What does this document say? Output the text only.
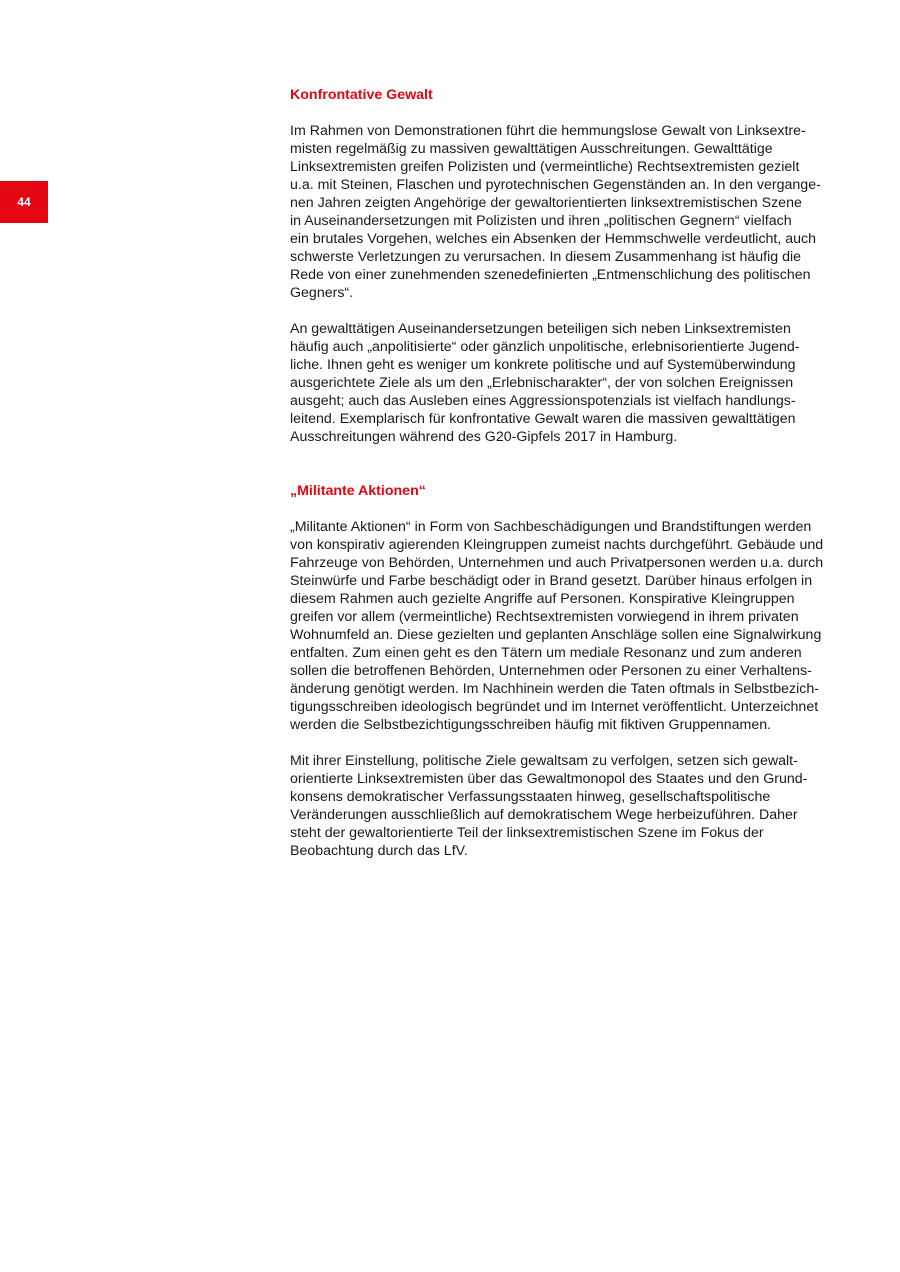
44
Konfrontative Gewalt

Im Rahmen von Demonstrationen führt die hemmungslose Gewalt von Linksextre-
misten regelmäßig zu massiven gewalttätigen Ausschreitungen. Gewalttätige
Linksextremisten greifen Polizisten und (vermeintliche) Rechtsextremisten gezielt
u.a. mit Steinen, Flaschen und pyrotechnischen Gegenständen an. In den vergange-
nen Jahren zeigten Angehörige der gewaltorientierten linksextremistischen Szene
in Auseinandersetzungen mit Polizisten und ihren „politischen Gegnern“ vielfach
ein brutales Vorgehen, welches ein Absenken der Hemmschwelle verdeutlicht, auch
schwerste Verletzungen zu verursachen. In diesem Zusammenhang ist häufig die
Rede von einer zunehmenden szenedefinierten „Entmenschlichung des politischen
Gegners“.

An gewalttätigen Auseinandersetzungen beteiligen sich neben Linksextremisten
häufig auch „anpolitisierte“ oder gänzlich unpolitische, erlebnisorientierte Jugend-
liche. Ihnen geht es weniger um konkrete politische und auf Systemüberwindung
ausgerichtete Ziele als um den „Erlebnischarakter“, der von solchen Ereignissen
ausgeht; auch das Ausleben eines Aggressionspotenzials ist vielfach handlungs-
leitend. Exemplarisch für konfrontative Gewalt waren die massiven gewalttätigen
Ausschreitungen während des G20-Gipfels 2017 in Hamburg.

„Militante Aktionen“

„Militante Aktionen“ in Form von Sachbeschädigungen und Brandstiftungen werden
von konspirativ agierenden Kleingruppen zumeist nachts durchgeführt. Gebäude und
Fahrzeuge von Behörden, Unternehmen und auch Privatpersonen werden u.a. durch
Steinwürfe und Farbe beschädigt oder in Brand gesetzt. Darüber hinaus erfolgen in
diesem Rahmen auch gezielte Angriffe auf Personen. Konspirative Kleingruppen
greifen vor allem (vermeintliche) Rechtsextremisten vorwiegend in ihrem privaten
Wohnumfeld an. Diese gezielten und geplanten Anschläge sollen eine Signalwirkung
entfalten. Zum einen geht es den Tätern um mediale Resonanz und zum anderen
sollen die betroffenen Behörden, Unternehmen oder Personen zu einer Verhaltens-
änderung genötigt werden. Im Nachhinein werden die Taten oftmals in Selbstbezich-
tigungsschreiben ideologisch begründet und im Internet veröffentlicht. Unterzeichnet
werden die Selbstbezichtigungsschreiben häufig mit fiktiven Gruppennamen.

Mit ihrer Einstellung, politische Ziele gewaltsam zu verfolgen, setzen sich gewalt-
orientierte Linksextremisten über das Gewaltmonopol des Staates und den Grund-
konsens demokratischer Verfassungsstaaten hinweg, gesellschaftspolitische
Veränderungen ausschließlich auf demokratischem Wege herbeizuführen. Daher
steht der gewaltorientierte Teil der linksextremistischen Szene im Fokus der
Beobachtung durch das LfV.
